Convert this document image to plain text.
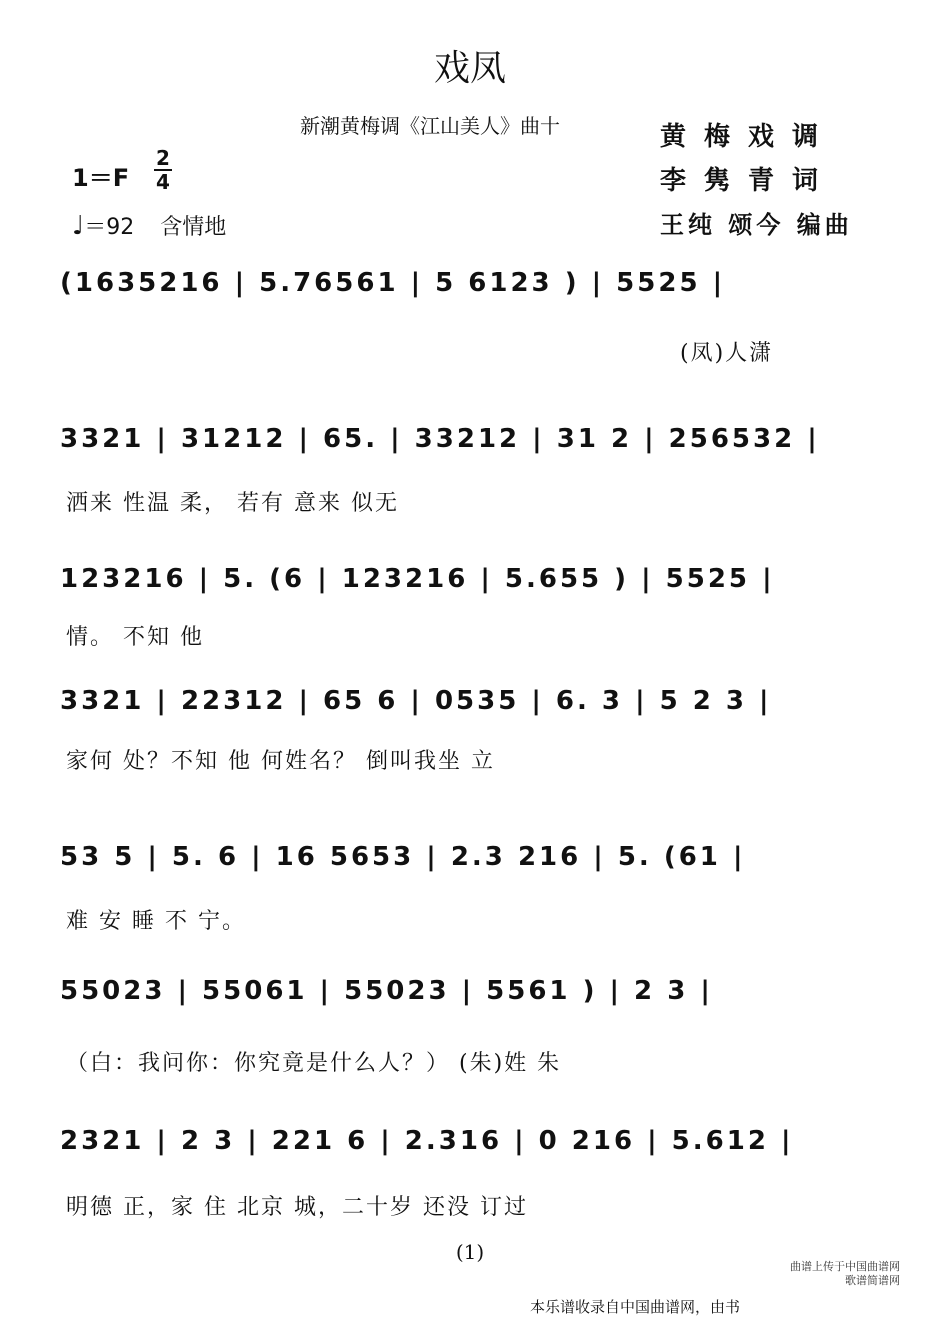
戏凤
新潮黄梅调《江山美人》曲十	黄梅戏调
李隽青词
王纯 颂今 编曲
1＝F
2
4
♩＝92 含情地
(1635216 | 5.76561 | 5 6123 ) | 5525 |
(凤)人潇
3321 | 31212 | 65. | 33212 | 31 2 | 256532 |
洒来 性温 柔， 若有 意来 似无
123216 | 5. (6 | 123216 | 5.655 ) | 5525 |
情。 不知 他
3321 | 22312 | 65 6 | 0535 | 6. 3 | 5 2 3 |
家何 处？不知 他 何姓名？ 倒叫我坐 立
53 5 | 5. 6 | 16 5653 | 2.3 216 | 5. (61 |
难 安 睡 不 宁。
55023 | 55061 | 55023 | 5561 ) | 2 3 |
（白：我问你：你究竟是什么人？） (朱)姓 朱
2321 | 2 3 | 221 6 | 2.316 | 0 216 | 5.612 |
明德 正，家 住 北京 城，二十岁 还没 订过
(1)
本乐谱收录自中国曲谱网，由书
曲谱上传于中国曲谱网
歌谱简谱网
